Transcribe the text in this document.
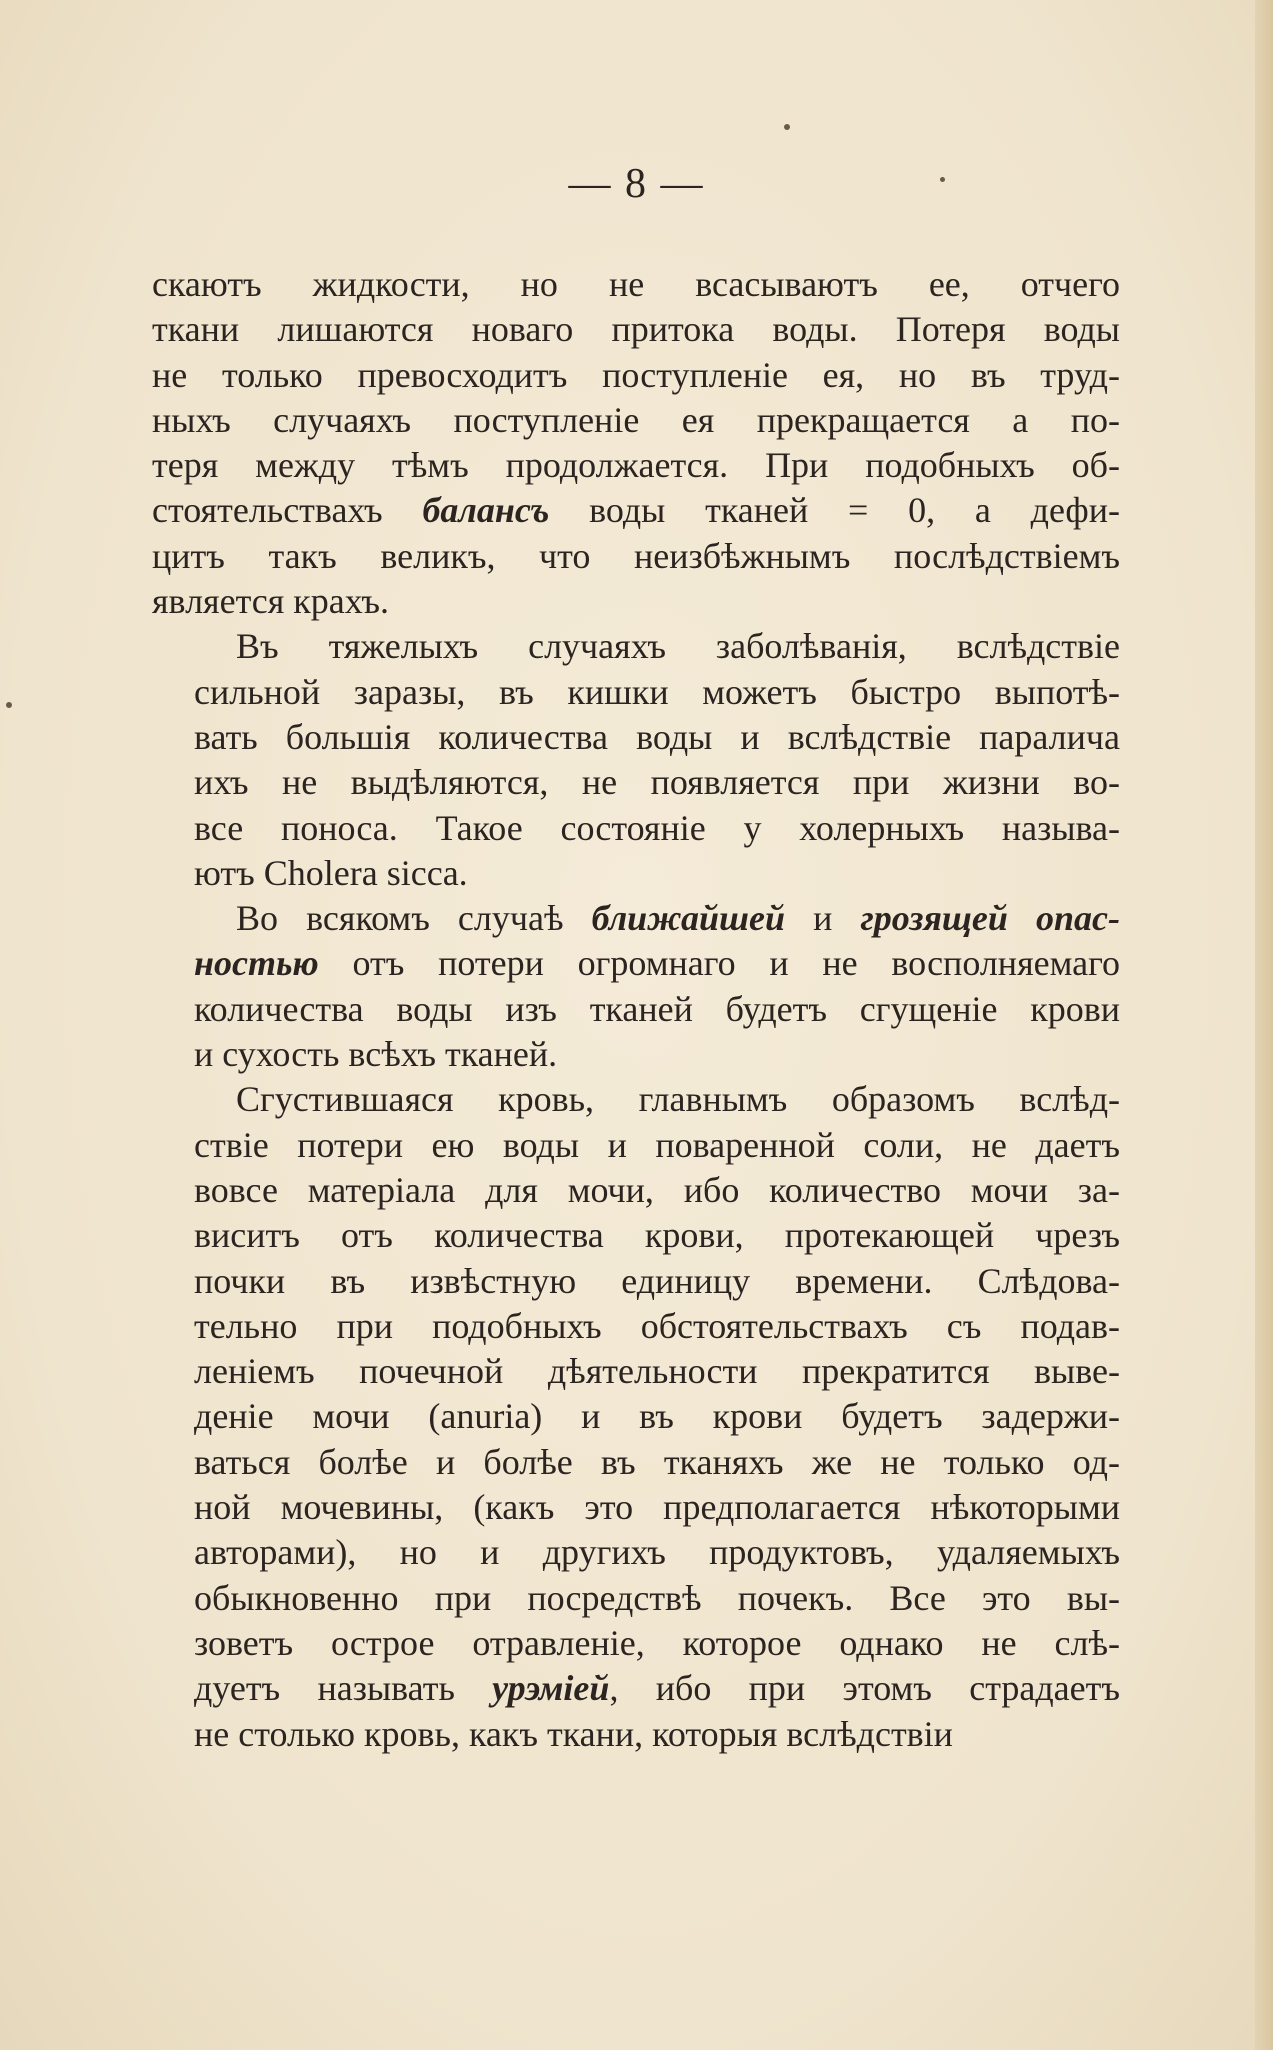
— 8 —
скаютъ жидкости, но не всасываютъ ее, отчего
ткани лишаются новаго притока воды. Потеря воды
не только превосходитъ поступленіе ея, но въ труд-
ныхъ случаяхъ поступленіе ея прекращается а по-
теря между тѣмъ продолжается. При подобныхъ об-
стоятельствахъ балансъ воды тканей = 0, а дефи-
цитъ такъ великъ, что неизбѣжнымъ послѣдствіемъ
является крахъ.
Въ тяжелыхъ случаяхъ заболѣванія, вслѣдствіе
сильной заразы, въ кишки можетъ быстро выпотѣ-
вать большія количества воды и вслѣдствіе паралича
ихъ не выдѣляются, не появляется при жизни во-
все поноса. Такое состояніе у холерныхъ называ-
ютъ Cholera sicca.
Во всякомъ случаѣ ближайшей и грозящей опас-
ностью отъ потери огромнаго и не восполняемаго
количества воды изъ тканей будетъ сгущеніе крови
и сухость всѣхъ тканей.
Сгустившаяся кровь, главнымъ образомъ вслѣд-
ствіе потери ею воды и поваренной соли, не даетъ
вовсе матеріала для мочи, ибо количество мочи за-
виситъ отъ количества крови, протекающей чрезъ
почки въ извѣстную единицу времени. Слѣдова-
тельно при подобныхъ обстоятельствахъ съ подав-
леніемъ почечной дѣятельности прекратится выве-
деніе мочи (anuria) и въ крови будетъ задержи-
ваться болѣе и болѣе въ тканяхъ же не только од-
ной мочевины, (какъ это предполагается нѣкоторыми
авторами), но и другихъ продуктовъ, удаляемыхъ
обыкновенно при посредствѣ почекъ. Все это вы-
зоветъ острое отравленіе, которое однако не слѣ-
дуетъ называть урэміей, ибо при этомъ страдаетъ
не столько кровь, какъ ткани, которыя вслѣдствіи
